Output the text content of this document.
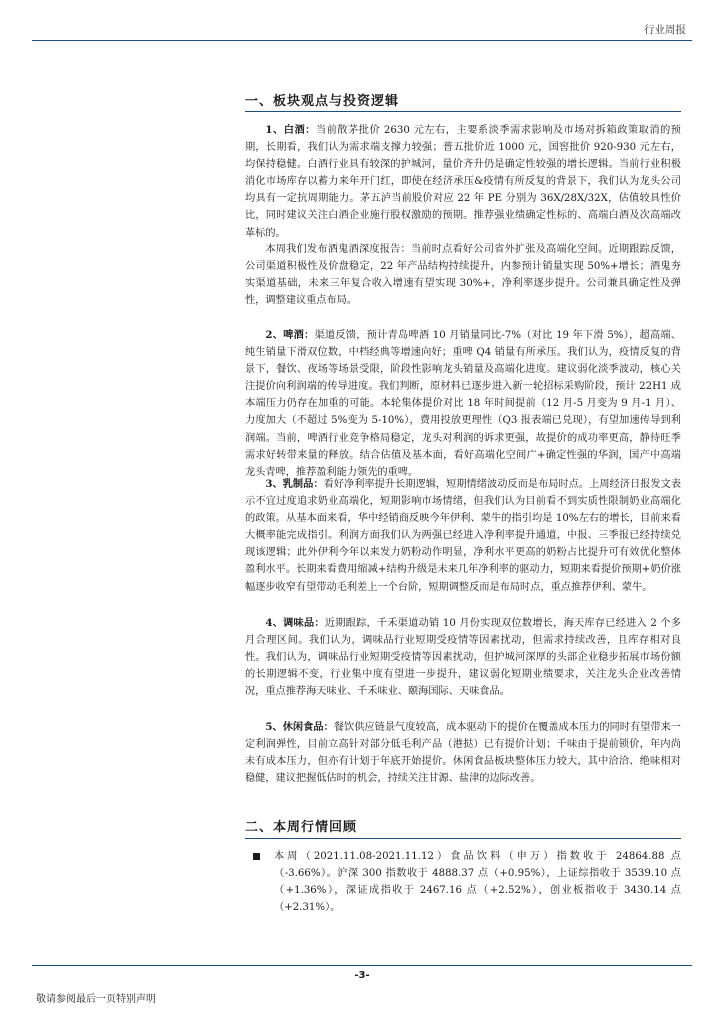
行业周报
一、板块观点与投资逻辑

1、白酒：当前散茅批价 2630 元左右，主要系淡季需求影响及市场对拆箱政策取消的预期，长期看，我们认为需求端支撑力较强；普五批价近 1000 元，国窖批价 920-930 元左右，均保持稳健。白酒行业具有较深的护城河，量价齐升仍是确定性较强的增长逻辑。当前行业积极消化市场库存以蓄力来年开门红，即使在经济承压&疫情有所反复的背景下，我们认为龙头公司均具有一定抗周期能力。茅五泸当前股价对应 22 年 PE 分别为 36X/28X/32X，估值较具性价比，同时建议关注白酒企业施行股权激励的预期。推荐强业绩确定性标的、高端白酒及次高端改革标的。

本周我们发布酒鬼酒深度报告：当前时点看好公司省外扩张及高端化空间。近期跟踪反馈，公司渠道积极性及价盘稳定，22 年产品结构持续提升，内参预计销量实现 50%+增长；酒鬼夯实渠道基础，未来三年复合收入增速有望实现 30%+，净利率逐步提升。公司兼具确定性及弹性，调整建议重点布局。

2、啤酒：渠道反馈，预计青岛啤酒 10 月销量同比-7%（对比 19 年下滑 5%），超高端、纯生销量下滑双位数，中档经典等增速向好；重啤 Q4 销量有所承压。我们认为，疫情反复的背景下，餐饮、夜场等场景受限，阶段性影响龙头销量及高端化进度。建议弱化淡季波动，核心关注提价向利润端的传导进度。我们判断，原材料已逐步进入新一轮招标采购阶段，预计 22H1 成本端压力仍存在加重的可能。本轮集体提价对比 18 年时间提前（12 月-5 月变为 9 月-1 月）、力度加大（不超过 5%变为 5-10%），费用投放更理性（Q3 报表端已兑现），有望加速传导到利润端。当前，啤酒行业竞争格局稳定，龙头对利润的诉求更强，故提价的成功率更高，静待旺季需求好转带来量的释放。结合估值及基本面，看好高端化空间广+确定性强的华润，国产中高端龙头青啤，推荐盈利能力领先的重啤。

3、乳制品：看好净利率提升长期逻辑，短期情绪波动反而是布局时点。上周经济日报发文表示不宜过度追求奶业高端化，短期影响市场情绪，但我们认为目前看不到实质性限制奶业高端化的政策。从基本面来看，华中经销商反映今年伊利、蒙牛的指引均是 10%左右的增长，目前来看大概率能完成指引。利润方面我们认为两强已经进入净利率提升通道，中报、三季报已经持续兑现该逻辑；此外伊利今年以来发力奶粉动作明显，净利水平更高的奶粉占比提升可有效优化整体盈利水平。长期来看费用缩减+结构升级是未来几年净利率的驱动力，短期来看提价预期+奶价涨幅逐步收窄有望带动毛利差上一个台阶，短期调整反而是布局时点，重点推荐伊利、蒙牛。

4、调味品：近期跟踪，千禾渠道动销 10 月份实现双位数增长，海天库存已经进入 2 个多月合理区间。我们认为，调味品行业短期受疫情等因素扰动，但需求持续改善，且库存相对良性。我们认为，调味品行业短期受疫情等因素扰动，但护城河深厚的头部企业稳步拓展市场份额的长期逻辑不变，行业集中度有望进一步提升，建议弱化短期业绩要求，关注龙头企业改善情况，重点推荐海天味业、千禾味业、颐海国际、天味食品。

5、休闲食品：餐饮供应链景气度较高，成本驱动下的提价在覆盖成本压力的同时有望带来一定利润弹性，目前立高针对部分低毛利产品（港挞）已有提价计划；千味由于提前锁价，年内尚未有成本压力，但亦有计划于年底开始提价。休闲食品板块整体压力较大，其中洽洽、绝味相对稳健，建议把握低估时的机会，持续关注甘源、盐津的边际改善。

二、本周行情回顾

本周（2021.11.08-2021.11.12）食品饮料（申万）指数收于 24864.88 点（-3.66%）。沪深 300 指数收于 4888.37 点（+0.95%），上证综指收于 3539.10 点（+1.36%），深证成指收于 2467.16 点（+2.52%），创业板指收于 3430.14 点（+2.31%）。

-3-
敬请参阅最后一页特别声明
